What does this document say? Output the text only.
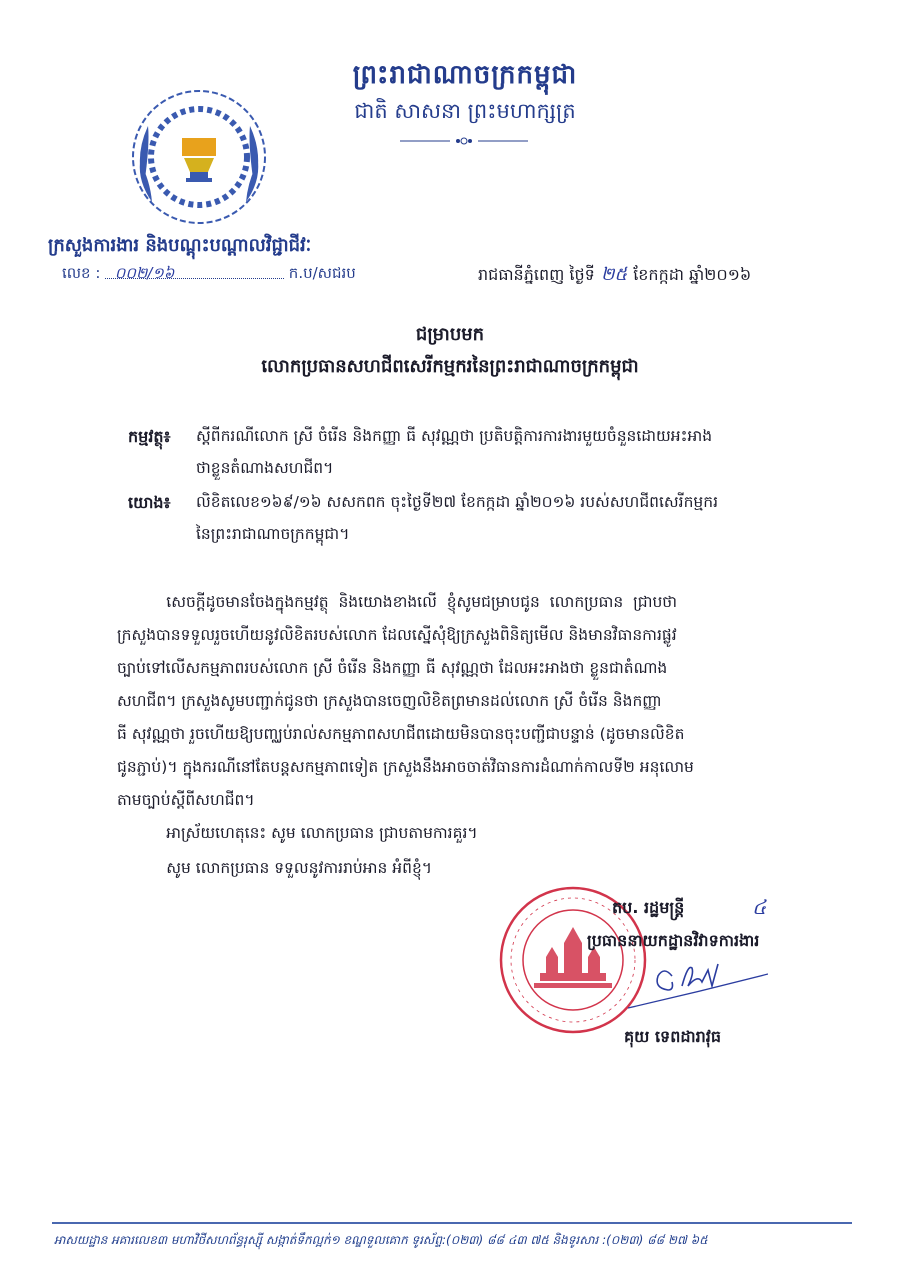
ព្រះរាជាណាចក្រកម្ពុជា
ជាតិ សាសនា ព្រះមហាក្សត្រ
ក្រសួងការងារ និងបណ្តុះបណ្តាលវិជ្ជាជីវៈ
លេខ : ០០២/១៦	ក.ប/សជរប	រាជធានីភ្នំពេញ ថ្ងៃទី ២៥ ខែកក្កដា ឆ្នាំ២០១៦
ជម្រាបមក
លោកប្រធានសហជីពសេរីកម្មករនៃព្រះរាជាណាចក្រកម្ពុជា
កម្មវត្ថុ៖ ស្តីពីករណីលោក ស្រី ចំរើន និងកញ្ញា ធី សុវណ្ណថា ប្រតិបត្តិការការងារមួយចំនួនដោយអះអាង
ថាខ្លួនតំណាងសហជីព។
យោង៖ លិខិតលេខ១៦៩/១៦ សសកពក ចុះថ្ងៃទី២៧ ខែកក្កដា ឆ្នាំ២០១៦ របស់សហជីពសេរីកម្មករ
នៃព្រះរាជាណាចក្រកម្ពុជា។
សេចក្តីដូចមានចែងក្នុងកម្មវត្ថុ  និងយោងខាងលើ  ខ្ញុំសូមជម្រាបជូន  លោកប្រធាន  ជ្រាបថា
ក្រសួងបានទទួលរួចហើយនូវលិខិតរបស់លោក ដែលស្នើសុំឱ្យក្រសួងពិនិត្យមើល និងមានវិធានការផ្លូវ
ច្បាប់ទៅលើសកម្មភាពរបស់លោក ស្រី ចំរើន និងកញ្ញា ធី សុវណ្ណថា ដែលអះអាងថា ខ្លួនជាតំណាង
សហជីព។ ក្រសួងសូមបញ្ជាក់ជូនថា ក្រសួងបានចេញលិខិតព្រមានដល់លោក ស្រី ចំរើន និងកញ្ញា
ធី សុវណ្ណថា រួចហើយឱ្យបញ្ឈប់រាល់សកម្មភាពសហជីពដោយមិនបានចុះបញ្ជីជាបន្ទាន់ (ដូចមានលិខិត
ជូនភ្ជាប់)។ ក្នុងករណីនៅតែបន្តសកម្មភាពទៀត ក្រសួងនឹងអាចចាត់វិធានការដំណាក់កាលទី២ អនុលោម
តាមច្បាប់ស្តីពីសហជីព។
អាស្រ័យហេតុនេះ សូម លោកប្រធាន ជ្រាបតាមការគួរ។
សូម លោកប្រធាន ទទួលនូវការរាប់អាន អំពីខ្ញុំ។
តប. រដ្ឋមន្ត្រី	៤
ប្រធាននាយកដ្ឋានវិវាទការងារ
គុយ ទេពដារាវុធ
អាសយដ្ឋាន អគារលេខ៣ មហាវិថីសហព័ន្ធរុស្ស៊ី សង្កាត់ទឹកល្អក់១ ខណ្ឌទួលគោក ទូរស័ព្ទ:(០២៣) ៨៨ ៤៣ ៧៥ និងទូរសារ :(០២៣) ៨៨ ២៧ ៦៥
